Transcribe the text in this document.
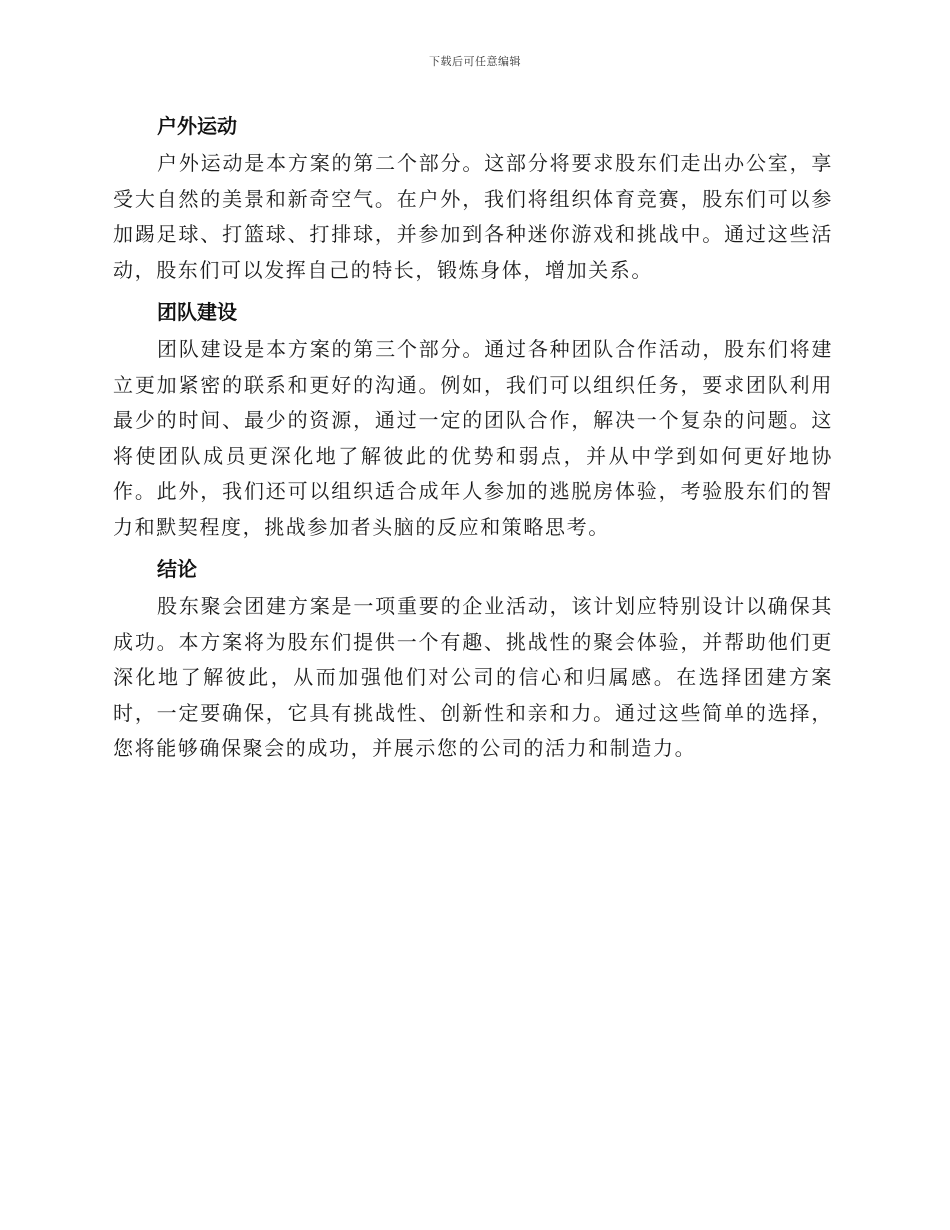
下载后可任意编辑
户外运动

户外运动是本方案的第二个部分。这部分将要求股东们走出办公室，享受大自然的美景和新奇空气。在户外，我们将组织体育竞赛，股东们可以参加踢足球、打篮球、打排球，并参加到各种迷你游戏和挑战中。通过这些活动，股东们可以发挥自己的特长，锻炼身体，增加关系。

团队建设

团队建设是本方案的第三个部分。通过各种团队合作活动，股东们将建立更加紧密的联系和更好的沟通。例如，我们可以组织任务，要求团队利用最少的时间、最少的资源，通过一定的团队合作，解决一个复杂的问题。这将使团队成员更深化地了解彼此的优势和弱点，并从中学到如何更好地协作。此外，我们还可以组织适合成年人参加的逃脱房体验，考验股东们的智力和默契程度，挑战参加者头脑的反应和策略思考。

结论

股东聚会团建方案是一项重要的企业活动，该计划应特别设计以确保其成功。本方案将为股东们提供一个有趣、挑战性的聚会体验，并帮助他们更深化地了解彼此，从而加强他们对公司的信心和归属感。在选择团建方案时，一定要确保，它具有挑战性、创新性和亲和力。通过这些简单的选择，您将能够确保聚会的成功，并展示您的公司的活力和制造力。
